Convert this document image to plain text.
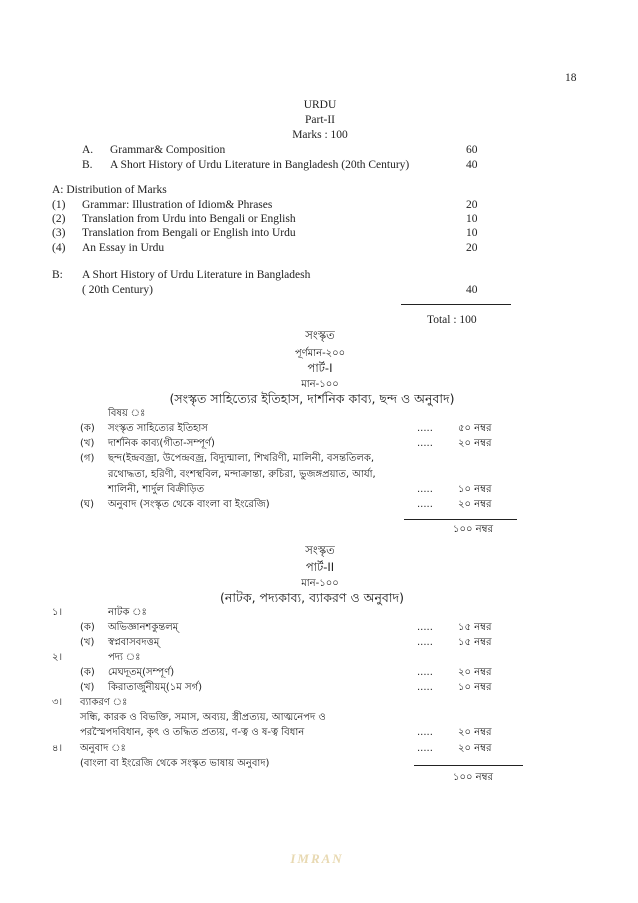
18
URDU
Part-II
Marks : 100
A. Grammar& Composition	60
B. A Short History of Urdu Literature in Bangladesh (20th Century)	40
A: Distribution of Marks
(1) Grammar: Illustration of Idiom& Phrases	20
(2) Translation from Urdu into Bengali or English	10
(3) Translation from Bengali or English into Urdu	10
(4) An Essay in Urdu	20
B: A Short History of Urdu Literature in Bangladesh
( 20th Century)	40
Total : 100
সংস্কৃত
পূর্ণমান-২০০
পার্ট-I
মান-১০০
(সংস্কৃত সাহিত্যের ইতিহাস, দার্শনিক কাব্য, ছন্দ ও অনুবাদ)
বিষয় ঃ
(ক) সংস্কৃত সাহিত্যের ইতিহাস	.....	৫০ নম্বর
(খ) দার্শনিক কাব্য(গীতা-সম্পূর্ণ)	.....	২০ নম্বর
(গ) ছন্দ(ইন্দ্রবজ্রা, উপেন্দ্রবজ্র, বিদ্যুন্মালা, শিখরিণী, মালিনী, বসন্ততিলক,
রথোদ্ধতা, হরিণী, বংশস্থবিল, মন্দাক্রান্তা, রুচিরা, ভুজঙ্গপ্রয়াত, আর্যা,
শালিনী, শার্দুল বিক্রীড়িত	.....	১০ নম্বর
(ঘ) অনুবাদ (সংস্কৃত থেকে বাংলা বা ইংরেজি)	.....	২০ নম্বর
১০০ নম্বর
সংস্কৃত
পার্ট-II
মান-১০০
(নাটক, পদ্যকাব্য, ব্যাকরণ ও অনুবাদ)
১।	নাটক ঃ
(ক) অভিজ্ঞানশকুন্তলম্	.....	১৫ নম্বর
(খ) স্বপ্নবাসবদত্তম্	.....	১৫ নম্বর
২।	পদ্য ঃ
(ক) মেঘদূতম্(সম্পূর্ণ)	.....	২০ নম্বর
(খ) কিরাতার্জুনীয়ম্(১ম সর্গ)	.....	১০ নম্বর
৩। ব্যাকরণ ঃ
সন্ধি, কারক ও বিভক্তি, সমাস, অব্যয়, স্ত্রীপ্রত্যয়, আত্মনেপদ ও
পরস্মৈপদবিধান, কৃৎ ও তদ্ধিত প্রত্যয়, ণ-ত্ব ও ষ-ত্ব বিধান	.....	২০ নম্বর
৪। অনুবাদ ঃ	.....	২০ নম্বর
(বাংলা বা ইংরেজি থেকে সংস্কৃত ভাষায় অনুবাদ)
১০০ নম্বর
IMRAN
